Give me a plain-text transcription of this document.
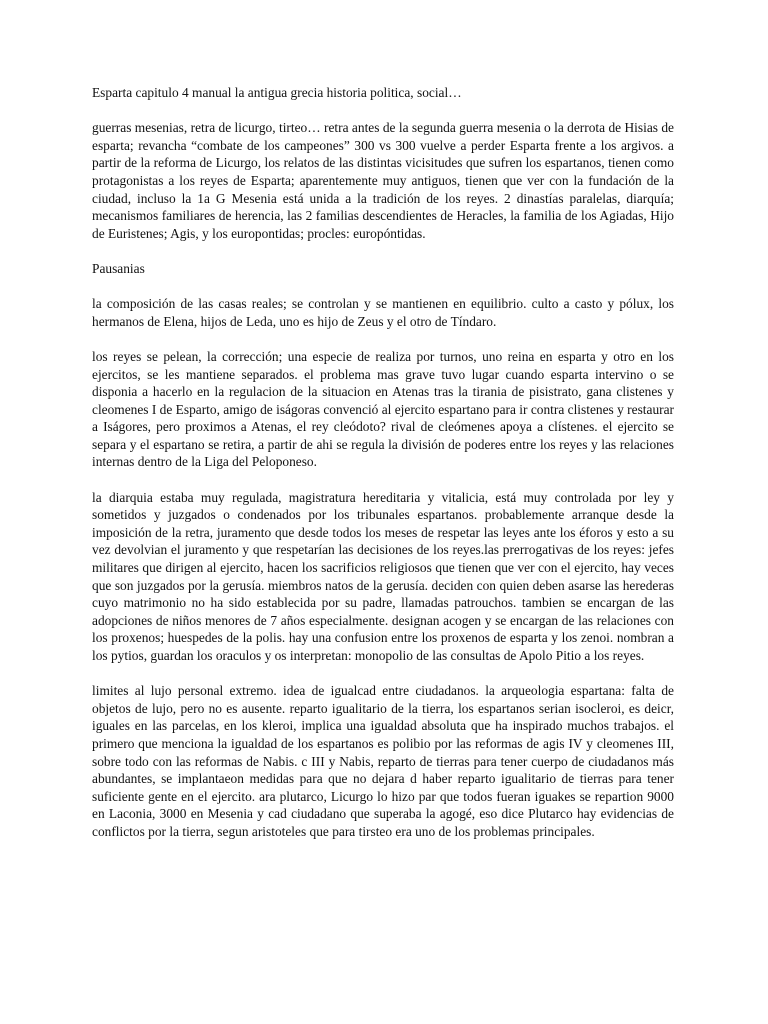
Esparta capitulo 4 manual la antigua grecia historia politica, social…

guerras mesenias, retra de licurgo, tirteo… retra antes de la segunda guerra mesenia o la derrota de Hisias de esparta; revancha “combate de los campeones” 300 vs 300 vuelve a perder Esparta frente a los argivos. a partir de la reforma de Licurgo, los relatos de las distintas vicisitudes que sufren los espartanos, tienen como protagonistas a los reyes de Esparta; aparentemente muy antiguos, tienen que ver con la fundación de la ciudad, incluso la 1a G Mesenia está unida a la tradición de los reyes. 2 dinastías paralelas, diarquía; mecanismos familiares de herencia, las 2 familias descendientes de Heracles, la familia de los Agiadas, Hijo de Euristenes; Agis, y los europontidas; procles: europóntidas.

Pausanias

la composición de las casas reales; se controlan y se mantienen en equilibrio. culto a casto y pólux, los hermanos de Elena, hijos de Leda, uno es hijo de Zeus y el otro de Tíndaro.

los reyes se pelean, la corrección; una especie de realiza por turnos, uno reina en esparta y otro en los ejercitos, se les mantiene separados. el problema mas grave tuvo lugar cuando esparta intervino o se disponia a hacerlo en la regulacion de la situacion en Atenas tras la tirania de pisistrato, gana clistenes y cleomenes I de Esparto, amigo de iságoras convenció al ejercito espartano para ir contra clistenes y restaurar a Iságores, pero proximos a Atenas, el rey cleódoto? rival de cleómenes apoya a clístenes. el ejercito se separa y el espartano se retira, a partir de ahi se regula la división de poderes entre los reyes y las relaciones internas dentro de la Liga del Peloponeso.

la diarquia estaba muy regulada, magistratura hereditaria y vitalicia, está muy controlada por ley y sometidos y juzgados o condenados por los tribunales espartanos. probablemente arranque desde la imposición de la retra, juramento que desde todos los meses de respetar las leyes ante los éforos y esto a su vez devolvian el juramento y que respetarían las decisiones de los reyes.las prerrogativas de los reyes: jefes militares que dirigen al ejercito, hacen los sacrificios religiosos que tienen que ver con el ejercito, hay veces que son juzgados por la gerusía. miembros natos de la gerusía. deciden con quien deben asarse las herederas cuyo matrimonio no ha sido establecida por su padre, llamadas patrouchos. tambien se encargan de las adopciones de niños menores de 7 años especialmente. designan acogen y se encargan de las relaciones con los proxenos; huespedes de la polis. hay una confusion entre los proxenos de esparta y los zenoi. nombran a los pytios, guardan los oraculos y os interpretan: monopolio de las consultas de Apolo Pitio a los reyes.

limites al lujo personal extremo. idea de igualcad entre ciudadanos. la arqueologia espartana: falta de objetos de lujo, pero no es ausente. reparto igualitario de la tierra, los espartanos serian isocleroi, es deicr, iguales en las parcelas, en los kleroi, implica una igualdad absoluta que ha inspirado muchos trabajos. el primero que menciona la igualdad de los espartanos es polibio por las reformas de agis IV y cleomenes III, sobre todo con las reformas de Nabis. c III y Nabis, reparto de tierras para tener cuerpo de ciudadanos más abundantes, se implantaeon medidas para que no dejara d haber reparto igualitario de tierras para tener suficiente gente en el ejercito. ara plutarco, Licurgo lo hizo par que todos fueran iguakes se repartion 9000 en Laconia, 3000 en Mesenia y cad ciudadano que superaba la agogé, eso dice Plutarco hay evidencias de conflictos por la tierra, segun aristoteles que para tirsteo era uno de los problemas principales.
